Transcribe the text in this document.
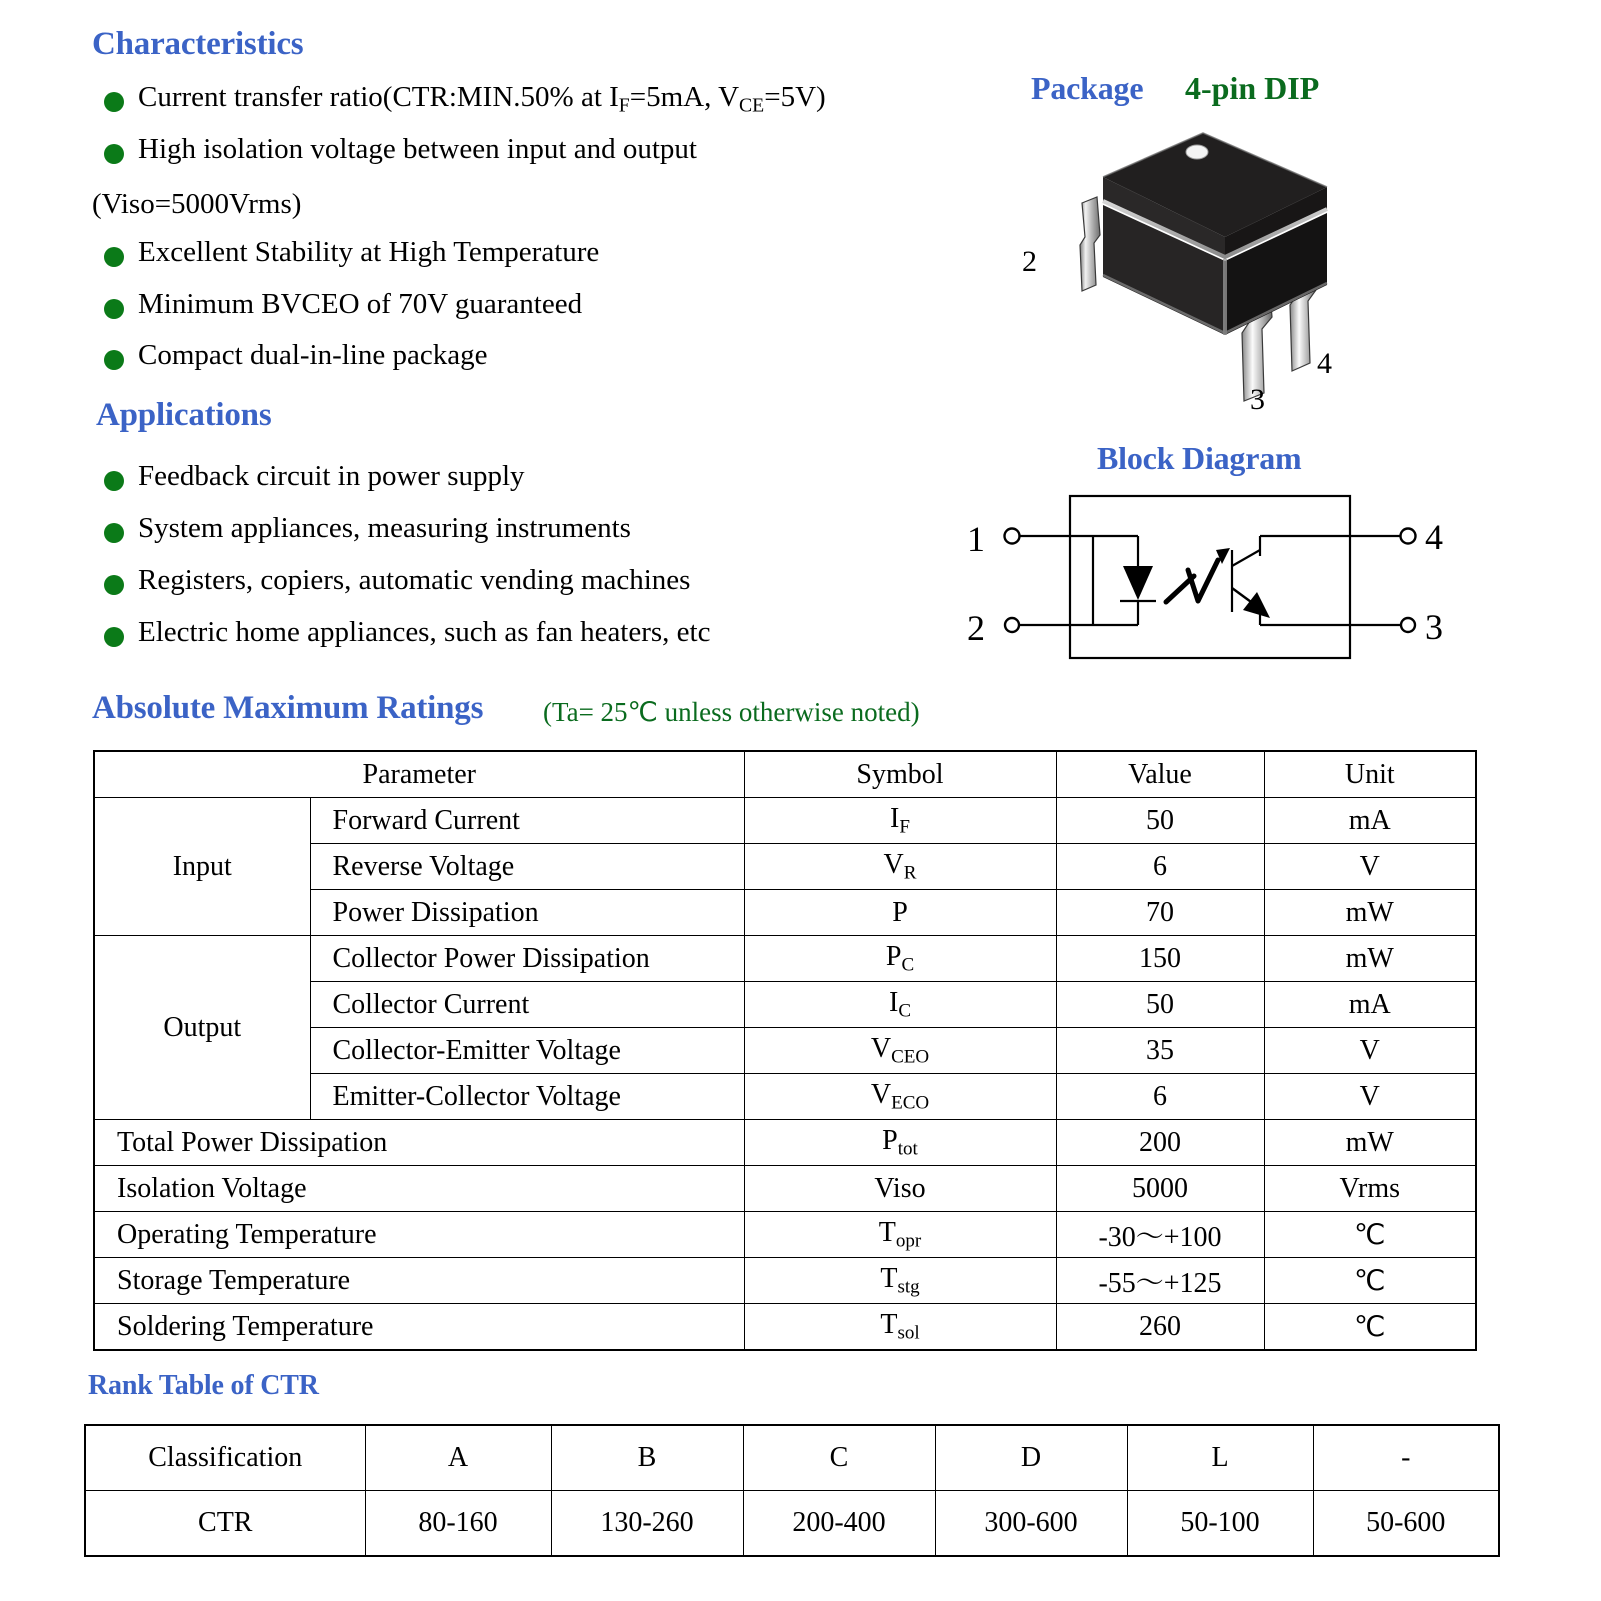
Characteristics
Current transfer ratio(CTR:MIN.50% at $I_F=5mA$, $V_{CE}=5V$)
High isolation voltage between input and output
(Viso=5000Vrms)
Excellent Stability at High Temperature
Minimum BVCEO of 70V guaranteed
Compact dual-in-line package
Applications
Feedback circuit in power supply
System appliances, measuring instruments
Registers, copiers, automatic vending machines
Electric home appliances, such as fan heaters, etc
Package 4-pin DIP
2
3
4
Block Diagram
1
2
4
3
Absolute Maximum Ratings (Ta= 25℃ unless otherwise noted)
Parameter		Symbol	Value	Unit
Input	Forward Current	$I_F$	50	mA
	Reverse Voltage	$V_R$	6	V
	Power Dissipation	P	70	mW
Output	Collector Power Dissipation	$P_C$	150	mW
	Collector Current	$I_C$	50	mA
	Collector-Emitter Voltage	$V_{CEO}$	35	V
	Emitter-Collector Voltage	$V_{ECO}$	6	V
Total Power Dissipation		$P_{tot}$	200	mW
Isolation Voltage		Viso	5000	Vrms
Operating Temperature		$T_{opr}$	-30～+100	℃
Storage Temperature		$T_{stg}$	-55～+125	℃
Soldering Temperature		$T_{sol}$	260	℃
Rank Table of CTR
Classification	A	B	C	D	L	-
CTR	80-160	130-260	200-400	300-600	50-100	50-600
